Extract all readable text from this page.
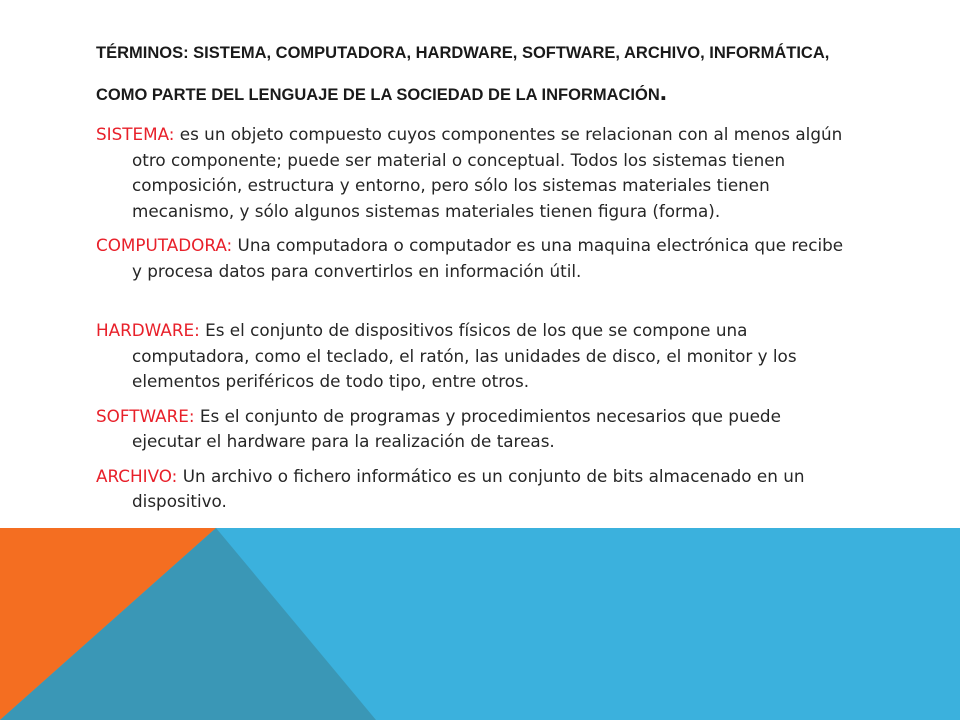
TÉRMINOS: SISTEMA, COMPUTADORA, HARDWARE, SOFTWARE, ARCHIVO, INFORMÁTICA,
COMO PARTE DEL LENGUAJE DE LA SOCIEDAD DE LA INFORMACIÓN.

SISTEMA: es un objeto compuesto cuyos componentes se relacionan con al menos algún otro componente; puede ser material o conceptual. Todos los sistemas tienen composición, estructura y entorno, pero sólo los sistemas materiales tienen mecanismo, y sólo algunos sistemas materiales tienen figura (forma).

COMPUTADORA: Una computadora o computador es una maquina electrónica que recibe y procesa datos para convertirlos en información útil.

HARDWARE: Es el conjunto de dispositivos físicos de los que se compone una computadora, como el teclado, el ratón, las unidades de disco, el monitor y los elementos periféricos de todo tipo, entre otros.

SOFTWARE: Es el conjunto de programas y procedimientos necesarios que puede ejecutar el hardware para la realización de tareas.

ARCHIVO: Un archivo o fichero informático es un conjunto de bits almacenado en un dispositivo.
